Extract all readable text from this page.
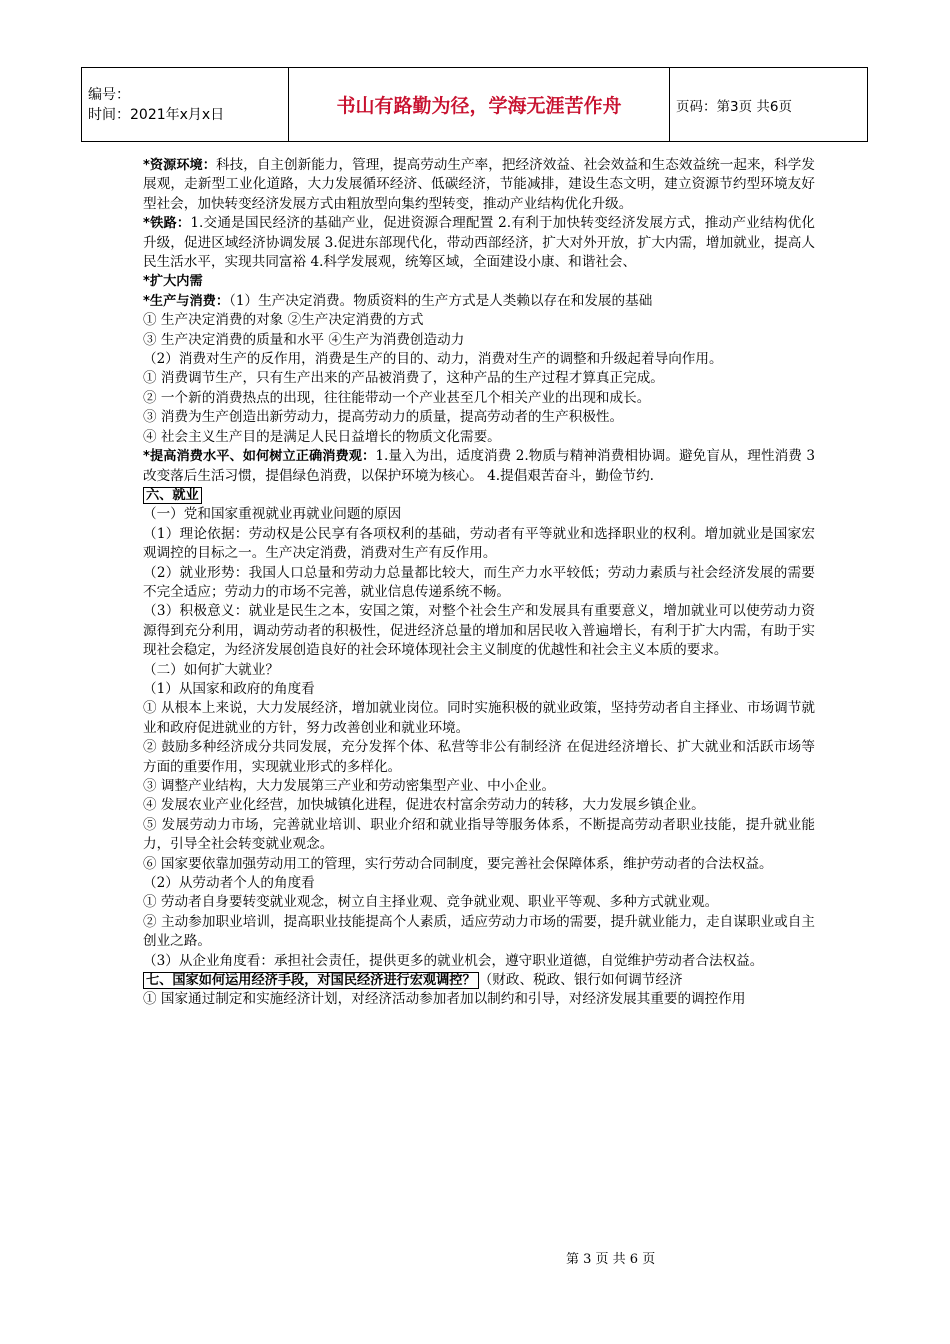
编号：
时间：2021年x月x日	书山有路勤为径，学海无涯苦作舟	页码：第3页 共6页

*资源环境：科技，自主创新能力，管理，提高劳动生产率，把经济效益、社会效益和生态效益统一起来，科学发展观，走新型工业化道路，大力发展循环经济、低碳经济，节能减排，建设生态文明，建立资源节约型环境友好型社会，加快转变经济发展方式由粗放型向集约型转变，推动产业结构优化升级。

*铁路：1.交通是国民经济的基础产业，促进资源合理配置 2.有利于加快转变经济发展方式，推动产业结构优化升级，促进区域经济协调发展 3.促进东部现代化，带动西部经济，扩大对外开放，扩大内需，增加就业，提高人民生活水平，实现共同富裕 4.科学发展观，统筹区域，全面建设小康、和谐社会、

*扩大内需

*生产与消费：（1）生产决定消费。物质资料的生产方式是人类赖以存在和发展的基础

① 生产决定消费的对象 ②生产决定消费的方式

③ 生产决定消费的质量和水平 ④生产为消费创造动力

（2）消费对生产的反作用，消费是生产的目的、动力，消费对生产的调整和升级起着导向作用。

① 消费调节生产，只有生产出来的产品被消费了，这种产品的生产过程才算真正完成。

② 一个新的消费热点的出现，往往能带动一个产业甚至几个相关产业的出现和成长。

③ 消费为生产创造出新劳动力，提高劳动力的质量，提高劳动者的生产积极性。

④ 社会主义生产目的是满足人民日益增长的物质文化需要。

*提高消费水平、如何树立正确消费观：1.量入为出，适度消费 2.物质与精神消费相协调。避免盲从，理性消费 3 改变落后生活习惯，提倡绿色消费，以保护环境为核心。 4.提倡艰苦奋斗，勤俭节约.

六、就业

（一）党和国家重视就业再就业问题的原因

（1）理论依据：劳动权是公民享有各项权利的基础，劳动者有平等就业和选择职业的权利。增加就业是国家宏观调控的目标之一。生产决定消费，消费对生产有反作用。

（2）就业形势：我国人口总量和劳动力总量都比较大，而生产力水平较低；劳动力素质与社会经济发展的需要不完全适应；劳动力的市场不完善，就业信息传递系统不畅。

（3）积极意义：就业是民生之本，安国之策，对整个社会生产和发展具有重要意义，增加就业可以使劳动力资源得到充分利用，调动劳动者的积极性，促进经济总量的增加和居民收入普遍增长，有利于扩大内需，有助于实现社会稳定，为经济发展创造良好的社会环境体现社会主义制度的优越性和社会主义本质的要求。

（二）如何扩大就业？

（1）从国家和政府的角度看

① 从根本上来说，大力发展经济，增加就业岗位。同时实施积极的就业政策，坚持劳动者自主择业、市场调节就业和政府促进就业的方针，努力改善创业和就业环境。

② 鼓励多种经济成分共同发展，充分发挥个体、私营等非公有制经济 在促进经济增长、扩大就业和活跃市场等方面的重要作用，实现就业形式的多样化。

③ 调整产业结构，大力发展第三产业和劳动密集型产业、中小企业。

④ 发展农业产业化经营，加快城镇化进程，促进农村富余劳动力的转移，大力发展乡镇企业。

⑤ 发展劳动力市场，完善就业培训、职业介绍和就业指导等服务体系，不断提高劳动者职业技能，提升就业能力，引导全社会转变就业观念。

⑥ 国家要依靠加强劳动用工的管理，实行劳动合同制度，要完善社会保障体系，维护劳动者的合法权益。

（2）从劳动者个人的角度看

① 劳动者自身要转变就业观念，树立自主择业观、竞争就业观、职业平等观、多种方式就业观。

② 主动参加职业培训，提高职业技能提高个人素质，适应劳动力市场的需要，提升就业能力，走自谋职业或自主创业之路。

（3）从企业角度看：承担社会责任，提供更多的就业机会，遵守职业道德，自觉维护劳动者合法权益。

七、国家如何运用经济手段，对国民经济进行宏观调控？ （财政、税政、银行如何调节经济

① 国家通过制定和实施经济计划，对经济活动参加者加以制约和引导，对经济发展其重要的调控作用

第 3 页 共 6 页
